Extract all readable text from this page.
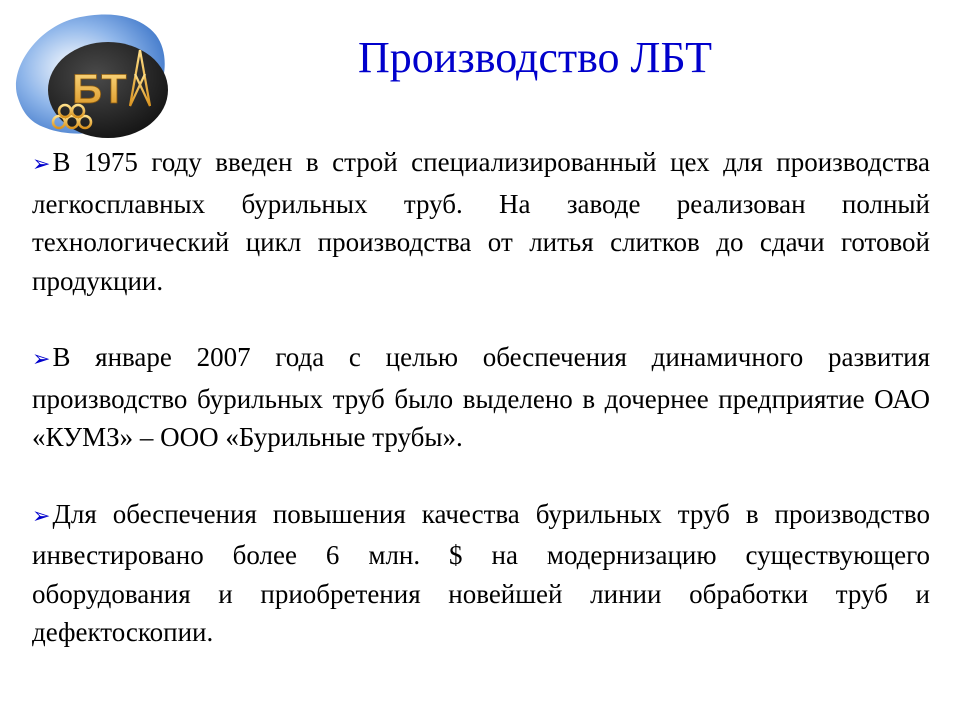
БТ
Производство ЛБТ

➢В 1975 году введен в строй специализированный цех для производства легкосплавных бурильных труб. На заводе реализован полный технологический цикл производства от литья слитков до сдачи готовой продукции.

➢В январе 2007 года с целью обеспечения динамичного развития производство бурильных труб было выделено в дочернее предприятие ОАО «КУМЗ» – ООО «Бурильные трубы».

➢Для обеспечения повышения качества бурильных труб в производство инвестировано более 6 млн. $ на модернизацию существующего оборудования и приобретения новейшей линии обработки труб и дефектоскопии.
